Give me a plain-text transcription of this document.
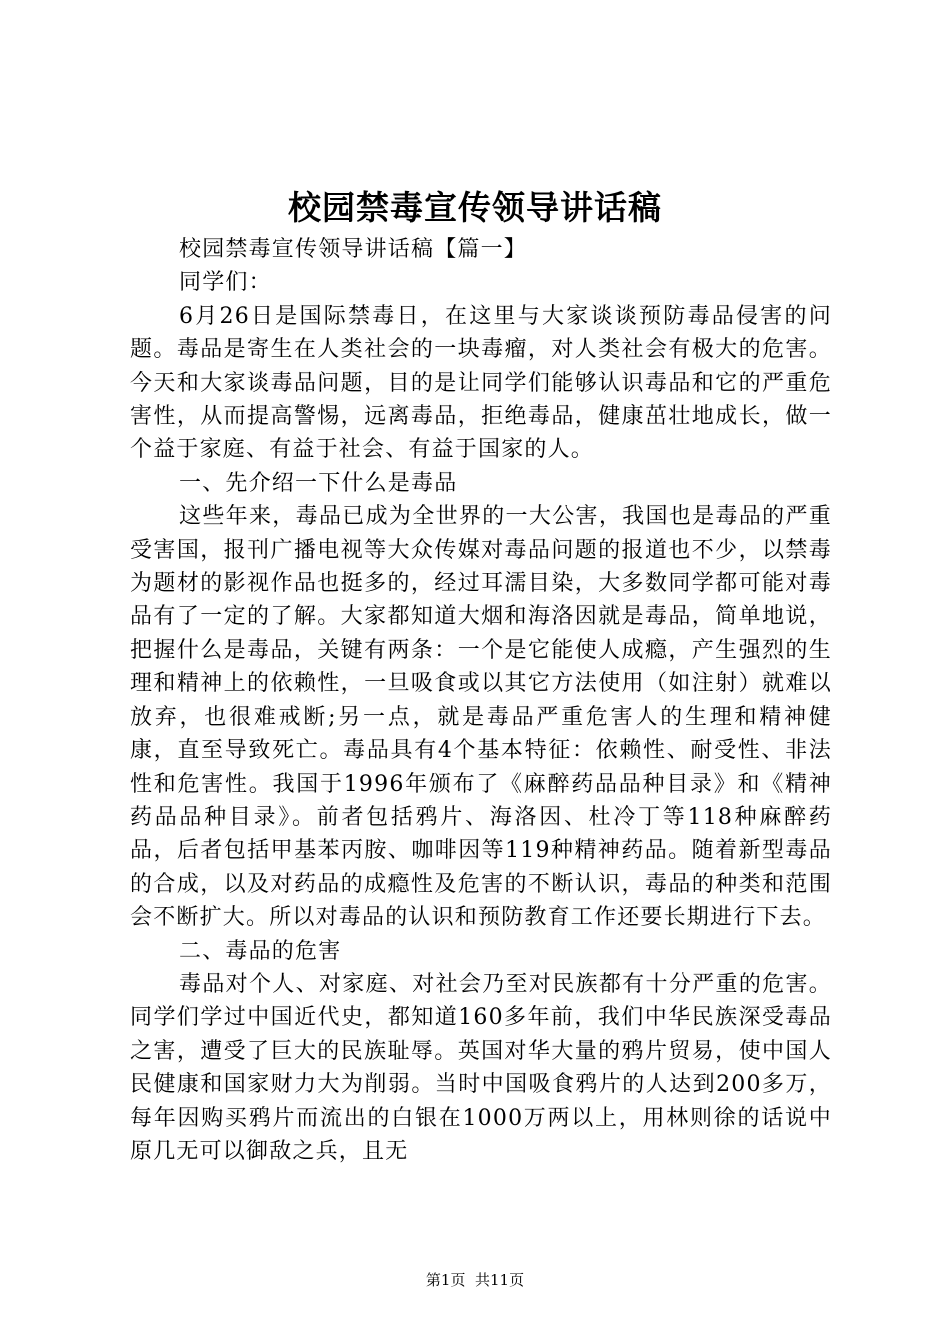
校园禁毒宣传领导讲话稿

校园禁毒宣传领导讲话稿【篇一】

同学们：

6月26日是国际禁毒日，在这里与大家谈谈预防毒品侵害的问题。毒品是寄生在人类社会的一块毒瘤，对人类社会有极大的危害。今天和大家谈毒品问题，目的是让同学们能够认识毒品和它的严重危害性，从而提高警惕，远离毒品，拒绝毒品，健康茁壮地成长，做一个益于家庭、有益于社会、有益于国家的人。

一、先介绍一下什么是毒品

这些年来，毒品已成为全世界的一大公害，我国也是毒品的严重受害国，报刊广播电视等大众传媒对毒品问题的报道也不少，以禁毒为题材的影视作品也挺多的，经过耳濡目染，大多数同学都可能对毒品有了一定的了解。大家都知道大烟和海洛因就是毒品，简单地说，把握什么是毒品，关键有两条：一个是它能使人成瘾，产生强烈的生理和精神上的依赖性，一旦吸食或以其它方法使用（如注射）就难以放弃，也很难戒断;另一点，就是毒品严重危害人的生理和精神健康，直至导致死亡。毒品具有4个基本特征：依赖性、耐受性、非法性和危害性。我国于1996年颁布了《麻醉药品品种目录》和《精神药品品种目录》。前者包括鸦片、海洛因、杜冷丁等118种麻醉药品，后者包括甲基苯丙胺、咖啡因等119种精神药品。随着新型毒品的合成，以及对药品的成瘾性及危害的不断认识，毒品的种类和范围会不断扩大。所以对毒品的认识和预防教育工作还要长期进行下去。

二、毒品的危害

毒品对个人、对家庭、对社会乃至对民族都有十分严重的危害。同学们学过中国近代史，都知道160多年前，我们中华民族深受毒品之害，遭受了巨大的民族耻辱。英国对华大量的鸦片贸易，使中国人民健康和国家财力大为削弱。当时中国吸食鸦片的人达到200多万，每年因购买鸦片而流出的白银在1000万两以上，用林则徐的话说中原几无可以御敌之兵，且无

第1页  共11页
